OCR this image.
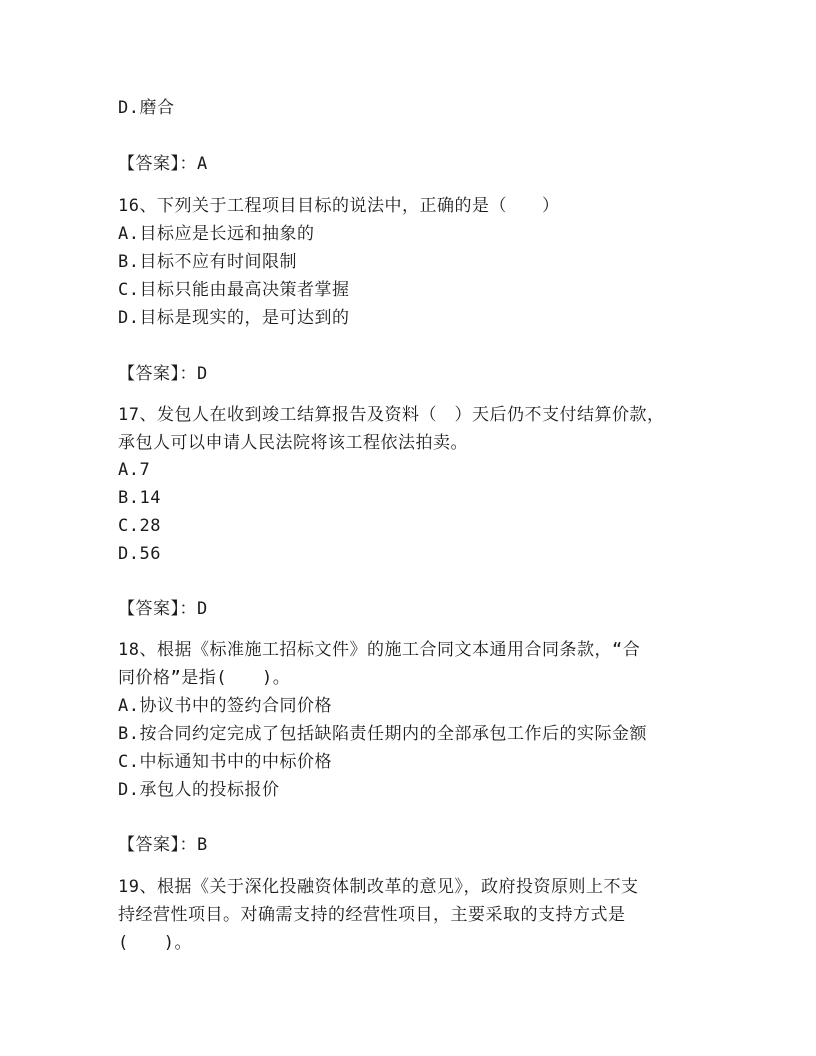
D.磨合
【答案】：A
16、下列关于工程项目目标的说法中，正确的是（　　）
A.目标应是长远和抽象的
B.目标不应有时间限制
C.目标只能由最高决策者掌握
D.目标是现实的，是可达到的
【答案】：D
17、发包人在收到竣工结算报告及资料（　）天后仍不支付结算价款，
承包人可以申请人民法院将该工程依法拍卖。
A.7
B.14
C.28
D.56
【答案】：D
18、根据《标准施工招标文件》的施工合同文本通用合同条款，“合
同价格”是指(　　)。
A.协议书中的签约合同价格
B.按合同约定完成了包括缺陷责任期内的全部承包工作后的实际金额
C.中标通知书中的中标价格
D.承包人的投标报价
【答案】：B
19、根据《关于深化投融资体制改革的意见》，政府投资原则上不支
持经营性项目。对确需支持的经营性项目，主要采取的支持方式是
(　　)。
